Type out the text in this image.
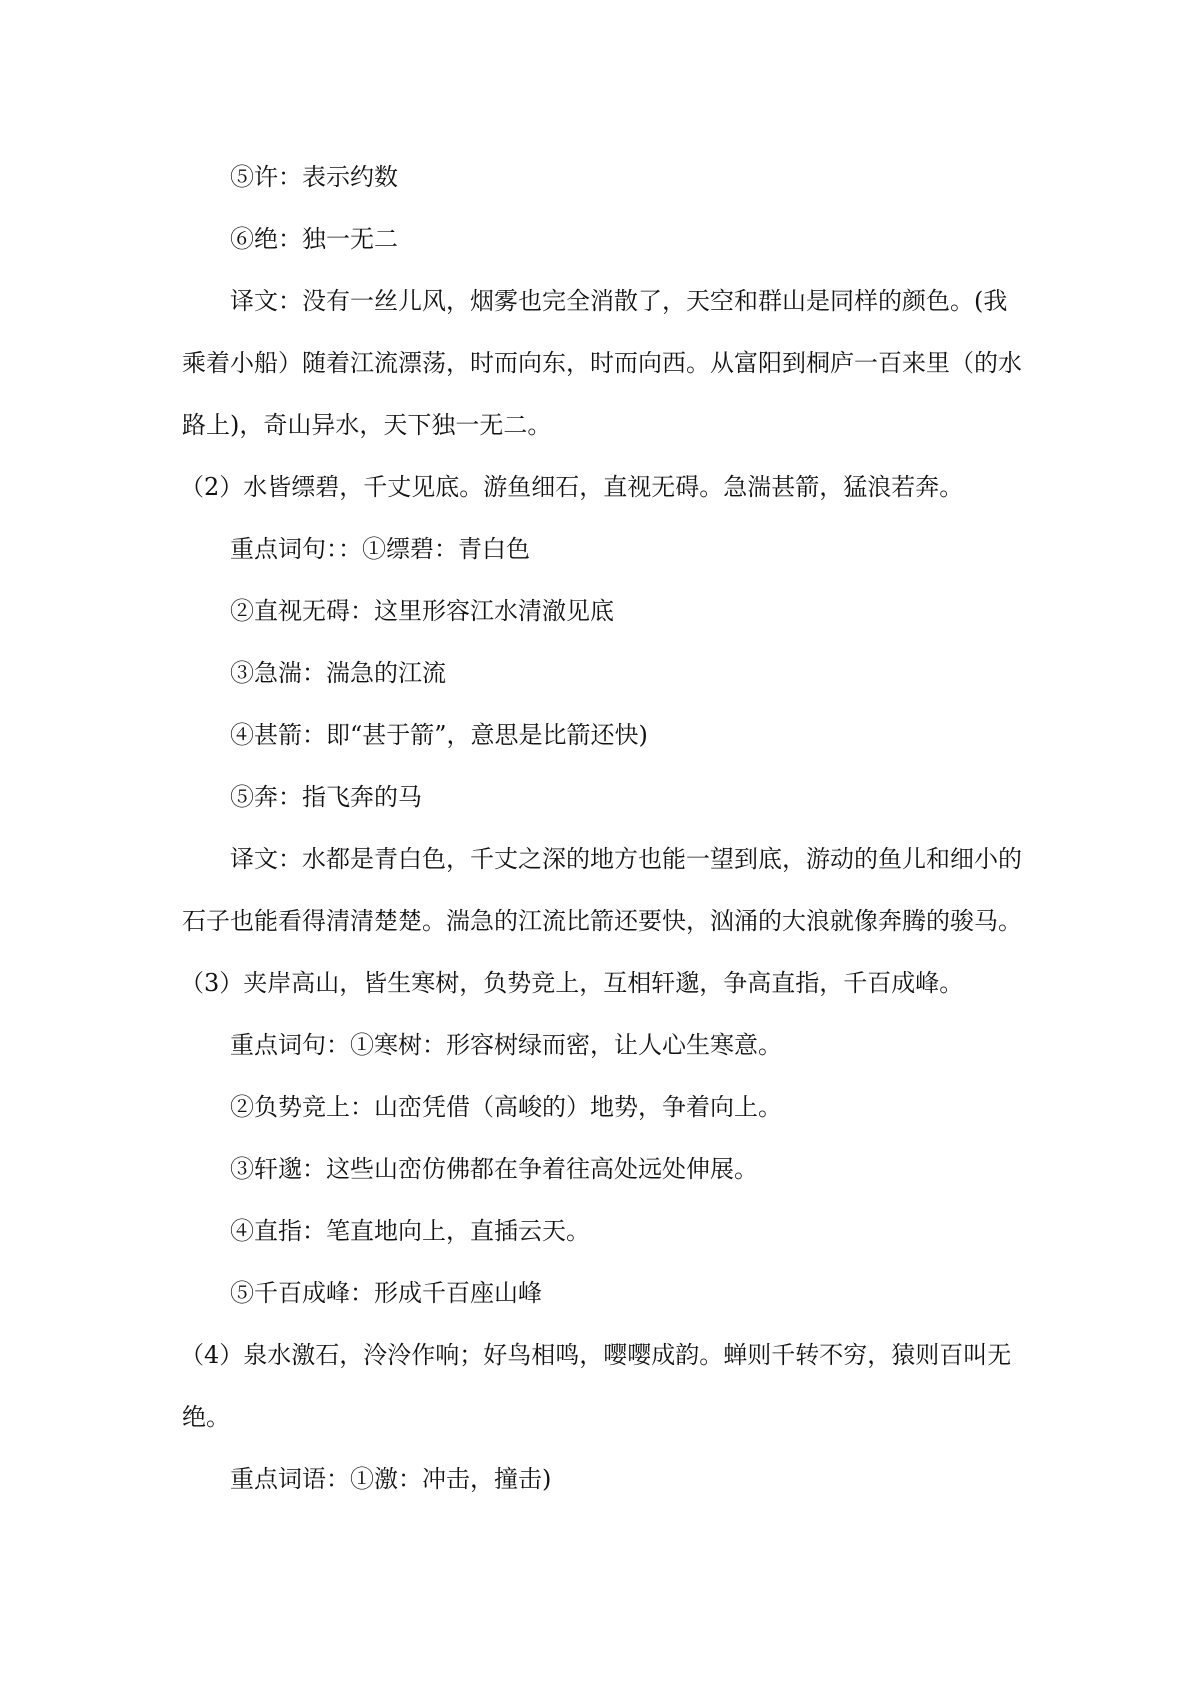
⑤许：表示约数
⑥绝：独一无二
译文：没有一丝儿风，烟雾也完全消散了，天空和群山是同样的颜色。(我
乘着小船）随着江流漂荡，时而向东，时而向西。从富阳到桐庐一百来里（的水
路上)，奇山异水，天下独一无二。
（2）水皆缥碧，千丈见底。游鱼细石，直视无碍。急湍甚箭，猛浪若奔。
重点词句：：①缥碧：青白色
②直视无碍：这里形容江水清澈见底
③急湍：湍急的江流
④甚箭：即“甚于箭”，意思是比箭还快)
⑤奔：指飞奔的马
译文：水都是青白色，千丈之深的地方也能一望到底，游动的鱼儿和细小的
石子也能看得清清楚楚。湍急的江流比箭还要快，汹涌的大浪就像奔腾的骏马。
（3）夹岸高山，皆生寒树，负势竞上，互相轩邈，争高直指，千百成峰。
重点词句：①寒树：形容树绿而密，让人心生寒意。
②负势竞上：山峦凭借（高峻的）地势，争着向上。
③轩邈：这些山峦仿佛都在争着往高处远处伸展。
④直指：笔直地向上，直插云天。
⑤千百成峰：形成千百座山峰
（4）泉水激石，泠泠作响；好鸟相鸣，嘤嘤成韵。蝉则千转不穷，猿则百叫无
绝。
重点词语：①激：冲击，撞击)
